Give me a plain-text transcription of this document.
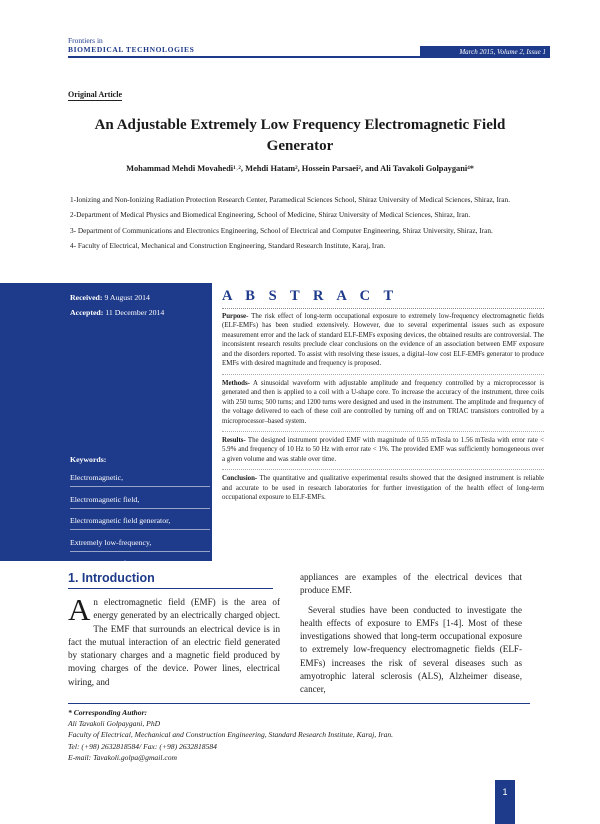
Frontiers in
BIOMEDICAL TECHNOLOGIES	March 2015, Volume 2, Issue 1
Original Article
An Adjustable Extremely Low Frequency Electromagnetic Field Generator
Mohammad Mehdi Movahedi¹˒², Mehdi Hatam², Hossein Parsaei², and Ali Tavakoli Golpaygani⁴*
1-Ionizing and Non-Ionizing Radiation Protection Research Center, Paramedical Sciences School, Shiraz University of Medical Sciences, Shiraz, Iran.
2-Department of Medical Physics and Biomedical Engineering, School of Medicine, Shiraz University of Medical Sciences, Shiraz, Iran.
3- Department of Communications and Electronics Engineering, School of Electrical and Computer Engineering, Shiraz University, Shiraz, Iran.
4- Faculty of Electrical, Mechanical and Construction Engineering, Standard Research Institute, Karaj, Iran.
Received: 9 August 2014
Accepted: 11 December 2014
Keywords:
Electromagnetic,
Electromagnetic field,
Electromagnetic field generator,
Extremely low-frequency,
Electromagnetic fields.
A B S T R A C T
Purpose- The risk effect of long-term occupational exposure to extremely low-frequency electromagnetic fields (ELF-EMFs) has been studied extensively. However, due to several experimental issues such as exposure measurement error and the lack of standard ELF-EMFs exposing devices, the obtained results are controversial. The inconsistent research results preclude clear conclusions on the evidence of an association between EMF exposure and the disorders reported. To assist with resolving these issues, a digital–low cost ELF-EMFs generator to produce EMFs with desired magnitude and frequency is proposed.
Methods- A sinusoidal waveform with adjustable amplitude and frequency controlled by a microprocessor is generated and then is applied to a coil with a U-shape core. To increase the accuracy of the instrument, three coils with 250 turns; 500 turns; and 1200 turns were designed and used in the instrument. The amplitude and frequency of the voltage delivered to each of these coil are controlled by turning off and on TRIAC transistors controlled by a microprocessor–based system.
Results- The designed instrument provided EMF with magnitude of 0.55 mTesla to 1.56 mTesla with error rate < 5.9% and frequency of 10 Hz to 50 Hz with error rate < 1%. The provided EMF was sufficiently homogeneous over a given volume and was stable over time.
Conclusion- The quantitative and qualitative experimental results showed that the designed instrument is reliable and accurate to be used in research laboratories for further investigation of the health effect of long-term occupational exposure to ELF-EMFs.
1. Introduction
An electromagnetic field (EMF) is the area of energy generated by an electrically charged object. The EMF that surrounds an electrical device is in fact the mutual interaction of an electric field generated by stationary charges and a magnetic field produced by moving charges of the device. Power lines, electrical wiring, and

appliances are examples of the electrical devices that produce EMF.

Several studies have been conducted to investigate the health effects of exposure to EMFs [1-4]. Most of these investigations showed that long-term occupational exposure to extremely low-frequency electromagnetic fields (ELF-EMFs) increases the risk of several diseases such as amyotrophic lateral sclerosis (ALS), Alzheimer disease, cancer,

* Corresponding Author:
Ali Tavakoli Golpaygani, PhD
Faculty of Electrical, Mechanical and Construction Engineering, Standard Research Institute, Karaj, Iran.
Tel: (+98) 2632818584/ Fax: (+98) 2632818584
E-mail: Tavakoli.golpa@gmail.com
1
